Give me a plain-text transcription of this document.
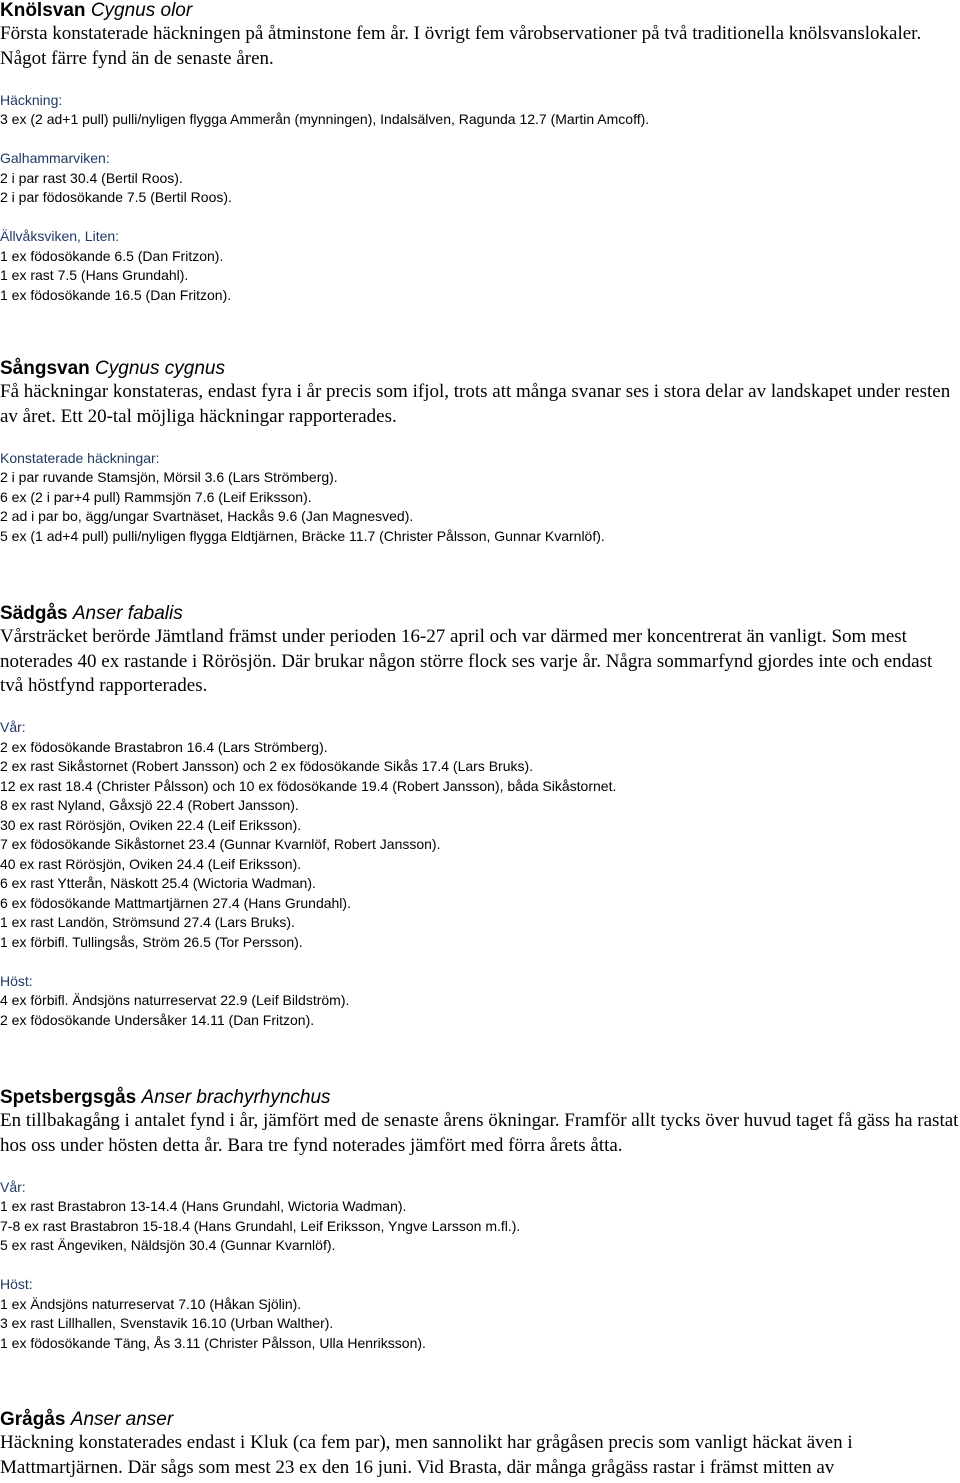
Knölsvan Cygnus olor

Första konstaterade häckningen på åtminstone fem år. I övrigt fem vårobservationer på två traditionella knölsvanslokaler. Något färre fynd än de senaste åren.

Häckning:
3 ex (2 ad+1 pull) pulli/nyligen flygga Ammerån (mynningen), Indalsälven, Ragunda 12.7 (Martin Amcoff).
Galhammarviken:
2 i par rast 30.4 (Bertil Roos).
2 i par födosökande 7.5 (Bertil Roos).
Ällvåksviken, Liten:
1 ex födosökande 6.5 (Dan Fritzon).
1 ex rast 7.5 (Hans Grundahl).
1 ex födosökande 16.5 (Dan Fritzon).
Sångsvan Cygnus cygnus

Få häckningar konstateras, endast fyra i år precis som ifjol, trots att många svanar ses i stora delar av landskapet under resten av året. Ett 20-tal möjliga häckningar rapporterades.

Konstaterade häckningar:
2 i par ruvande Stamsjön, Mörsil 3.6 (Lars Strömberg).
6 ex (2 i par+4 pull) Rammsjön 7.6 (Leif Eriksson).
2 ad i par bo, ägg/ungar Svartnäset, Hackås 9.6 (Jan Magnesved).
5 ex (1 ad+4 pull) pulli/nyligen flygga Eldtjärnen, Bräcke 11.7 (Christer Pålsson, Gunnar Kvarnlöf).
Sädgås Anser fabalis

Vårsträcket berörde Jämtland främst under perioden 16-27 april och var därmed mer koncentrerat än vanligt. Som mest noterades 40 ex rastande i Rörösjön. Där brukar någon större flock ses varje år. Några sommarfynd gjordes inte och endast två höstfynd rapporterades.

Vår:
2 ex födosökande Brastabron 16.4 (Lars Strömberg).
2 ex rast Sikåstornet (Robert Jansson) och 2 ex födosökande Sikås 17.4 (Lars Bruks).
12 ex rast 18.4 (Christer Pålsson) och 10 ex födosökande 19.4 (Robert Jansson), båda Sikåstornet.
8 ex rast Nyland, Gåxsjö 22.4 (Robert Jansson).
30 ex rast Rörösjön, Oviken 22.4 (Leif Eriksson).
7 ex födosökande Sikåstornet 23.4 (Gunnar Kvarnlöf, Robert Jansson).
40 ex rast Rörösjön, Oviken 24.4 (Leif Eriksson).
6 ex rast Ytterån, Näskott 25.4 (Wictoria Wadman).
6 ex födosökande Mattmartjärnen 27.4 (Hans Grundahl).
1 ex rast Landön, Strömsund 27.4 (Lars Bruks).
1 ex förbifl. Tullingsås, Ström 26.5 (Tor Persson).
Höst:
4 ex förbifl. Ändsjöns naturreservat 22.9 (Leif Bildström).
2 ex födosökande Undersåker 14.11 (Dan Fritzon).
Spetsbergsgås Anser brachyrhynchus

En tillbakagång i antalet fynd i år, jämfört med de senaste årens ökningar. Framför allt tycks över huvud taget få gäss ha rastat hos oss under hösten detta år. Bara tre fynd noterades jämfört med förra årets åtta.

Vår:
1 ex rast Brastabron 13-14.4 (Hans Grundahl, Wictoria Wadman).
7-8 ex rast Brastabron 15-18.4 (Hans Grundahl, Leif Eriksson, Yngve Larsson m.fl.).
5 ex rast Ängeviken, Näldsjön 30.4 (Gunnar Kvarnlöf).
Höst:
1 ex Ändsjöns naturreservat 7.10 (Håkan Sjölin).
3 ex rast Lillhallen, Svenstavik 16.10 (Urban Walther).
1 ex födosökande Täng, Ås 3.11 (Christer Pålsson, Ulla Henriksson).
Grågås Anser anser

Häckning konstaterades endast i Kluk (ca fem par), men sannolikt har grågåsen precis som vanligt häckat även i Mattmartjärnen. Där sågs som mest 23 ex den 16 juni. Vid Brasta, där många grågäss rastar i främst mitten av
